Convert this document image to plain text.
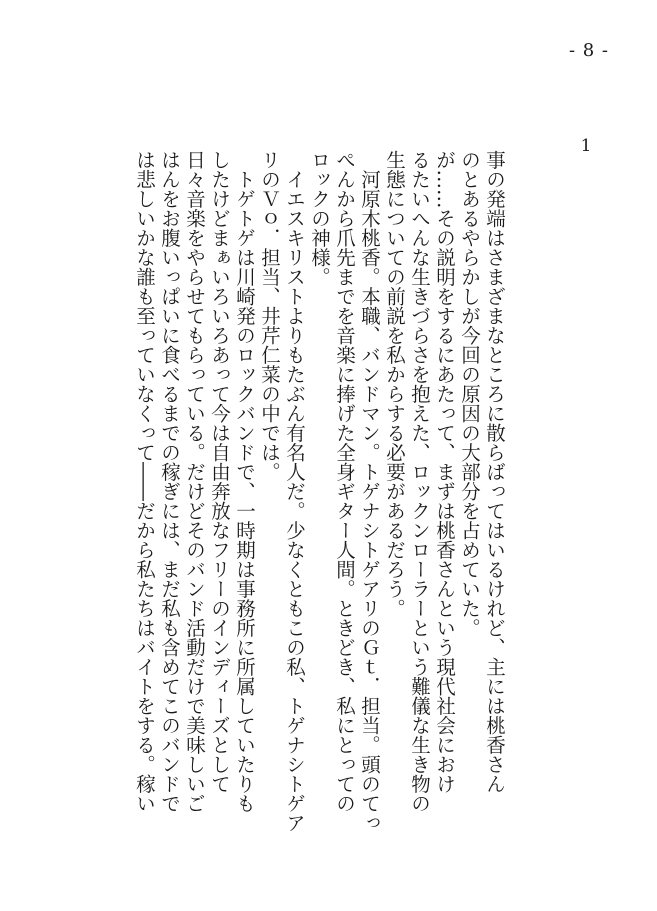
- 8 -
1
事の発端はさまざまなところに散らばってはいるけれど、主には桃香さん
のとあるやらかしが今回の原因の大部分を占めていた。
が……その説明をするにあたって、まずは桃香さんという現代社会におけ
るたいへんな生きづらさを抱えた、ロックンローラーという難儀な生き物の
生態についての前説を私からする必要があるだろう。
　河原木桃香。本職、バンドマン。トゲナシトゲアリのＧｔ．担当。頭のてっ
ぺんから爪先までを音楽に捧げた全身ギター人間。ときどき、私にとっての
ロックの神様。
　イエスキリストよりもたぶん有名人だ。少なくともこの私、トゲナシトゲア
リのＶｏ．担当、井芹仁菜の中では。
　トゲトゲは川崎発のロックバンドで、一時期は事務所に所属していたりも
したけどまぁいろいろあって今は自由奔放なフリーのインディーズとして
日々音楽をやらせてもらっている。だけどそのバンド活動だけで美味しいご
はんをお腹いっぱいに食べるまでの稼ぎには、まだ私も含めてこのバンドで
は悲しいかな誰も至っていなくって――だから私たちはバイトをする。稼い
